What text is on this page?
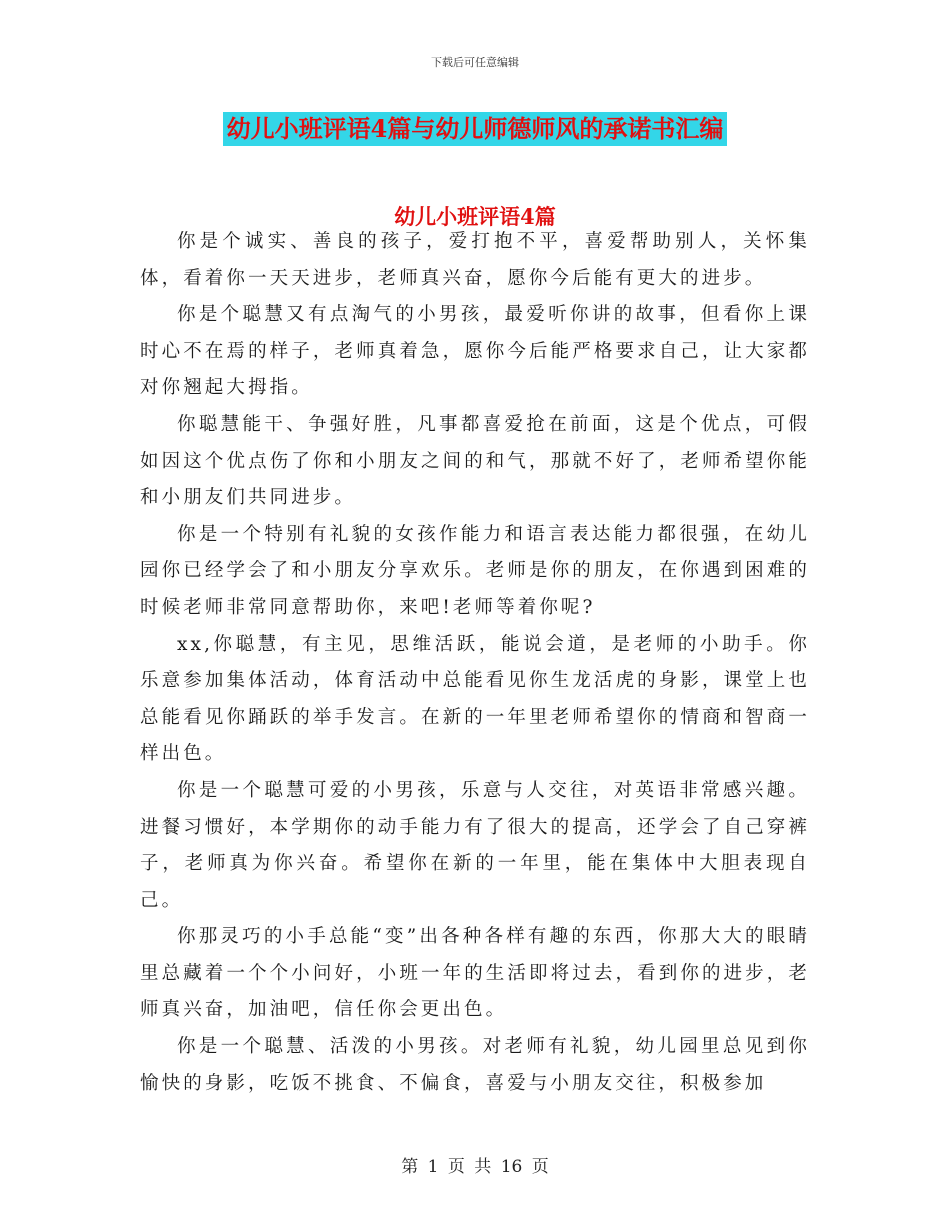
下载后可任意编辑
幼儿小班评语4篇与幼儿师德师风的承诺书汇编
幼儿小班评语4篇

你是个诚实、善良的孩子，爱打抱不平，喜爱帮助别人，关怀集体，看着你一天天进步，老师真兴奋，愿你今后能有更大的进步。

你是个聪慧又有点淘气的小男孩，最爱听你讲的故事，但看你上课时心不在焉的样子，老师真着急，愿你今后能严格要求自己，让大家都对你翘起大拇指。

你聪慧能干、争强好胜，凡事都喜爱抢在前面，这是个优点，可假如因这个优点伤了你和小朋友之间的和气，那就不好了，老师希望你能和小朋友们共同进步。

你是一个特别有礼貌的女孩作能力和语言表达能力都很强，在幼儿园你已经学会了和小朋友分享欢乐。老师是你的朋友，在你遇到困难的时候老师非常同意帮助你，来吧!老师等着你呢?

xx,你聪慧，有主见，思维活跃，能说会道，是老师的小助手。你乐意参加集体活动，体育活动中总能看见你生龙活虎的身影，课堂上也总能看见你踊跃的举手发言。在新的一年里老师希望你的情商和智商一样出色。

你是一个聪慧可爱的小男孩，乐意与人交往，对英语非常感兴趣。进餐习惯好，本学期你的动手能力有了很大的提高，还学会了自己穿裤子，老师真为你兴奋。希望你在新的一年里，能在集体中大胆表现自己。

你那灵巧的小手总能“变”出各种各样有趣的东西，你那大大的眼睛里总藏着一个个小问好，小班一年的生活即将过去，看到你的进步，老师真兴奋，加油吧，信任你会更出色。

你是一个聪慧、活泼的小男孩。对老师有礼貌，幼儿园里总见到你愉快的身影，吃饭不挑食、不偏食，喜爱与小朋友交往，积极参加

第 1 页 共 16 页
